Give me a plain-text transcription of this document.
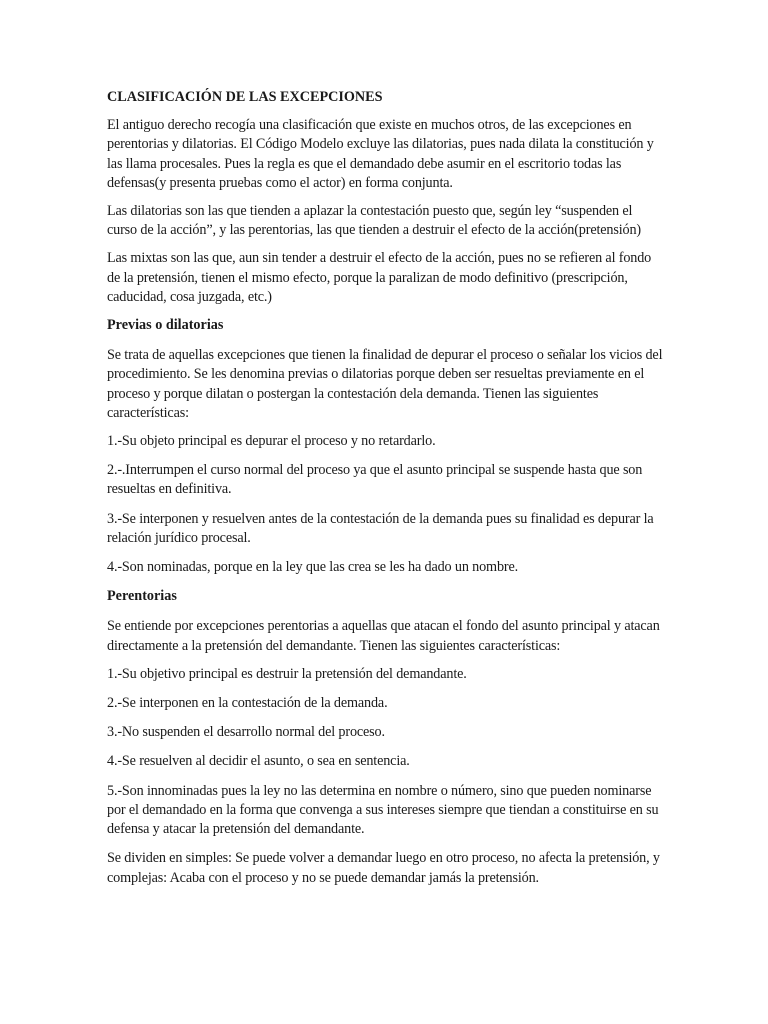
CLASIFICACIÓN DE LAS EXCEPCIONES

El antiguo derecho recogía una clasificación que existe en muchos otros, de las excepciones en perentorias y dilatorias. El Código Modelo excluye las dilatorias, pues nada dilata la constitución y las llama procesales. Pues la regla es que el demandado debe asumir en el escritorio todas las defensas(y presenta pruebas como el actor) en forma conjunta.

Las dilatorias son las que tienden a aplazar la contestación puesto que, según ley “suspenden el curso de la acción”, y las perentorias, las que tienden a destruir el efecto de la acción(pretensión)

Las mixtas son las que, aun sin tender a destruir el efecto de la acción, pues no se refieren al fondo de la pretensión, tienen el mismo efecto, porque la paralizan de modo definitivo (prescripción, caducidad, cosa juzgada, etc.)

Previas o dilatorias

Se trata de aquellas excepciones que tienen la finalidad de depurar el proceso o señalar los vicios del procedimiento. Se les denomina previas o dilatorias porque deben ser resueltas previamente en el proceso y porque dilatan o postergan la contestación dela demanda. Tienen las siguientes características:

1.-Su objeto principal es depurar el proceso y no retardarlo.

2.-.Interrumpen el curso normal del proceso ya que el asunto principal se suspende hasta que son resueltas en definitiva.

3.-Se interponen y resuelven antes de la contestación de la demanda pues su finalidad es depurar la relación jurídico procesal.

4.-Son nominadas, porque en la ley que las crea se les ha dado un nombre.

Perentorias

Se entiende por excepciones perentorias a aquellas que atacan el fondo del asunto principal y atacan directamente a la pretensión del demandante. Tienen las siguientes características:

1.-Su objetivo principal es destruir la pretensión del demandante.

2.-Se interponen en la contestación de la demanda.

3.-No suspenden el desarrollo normal del proceso.

4.-Se resuelven al decidir el asunto, o sea en sentencia.

5.-Son innominadas pues la ley no las determina en nombre o número, sino que pueden nominarse por el demandado en la forma que convenga a sus intereses siempre que tiendan a constituirse en su defensa y atacar la pretensión del demandante.

Se dividen en simples: Se puede volver a demandar luego en otro proceso, no afecta la pretensión, y complejas: Acaba con el proceso y no se puede demandar jamás la pretensión.
